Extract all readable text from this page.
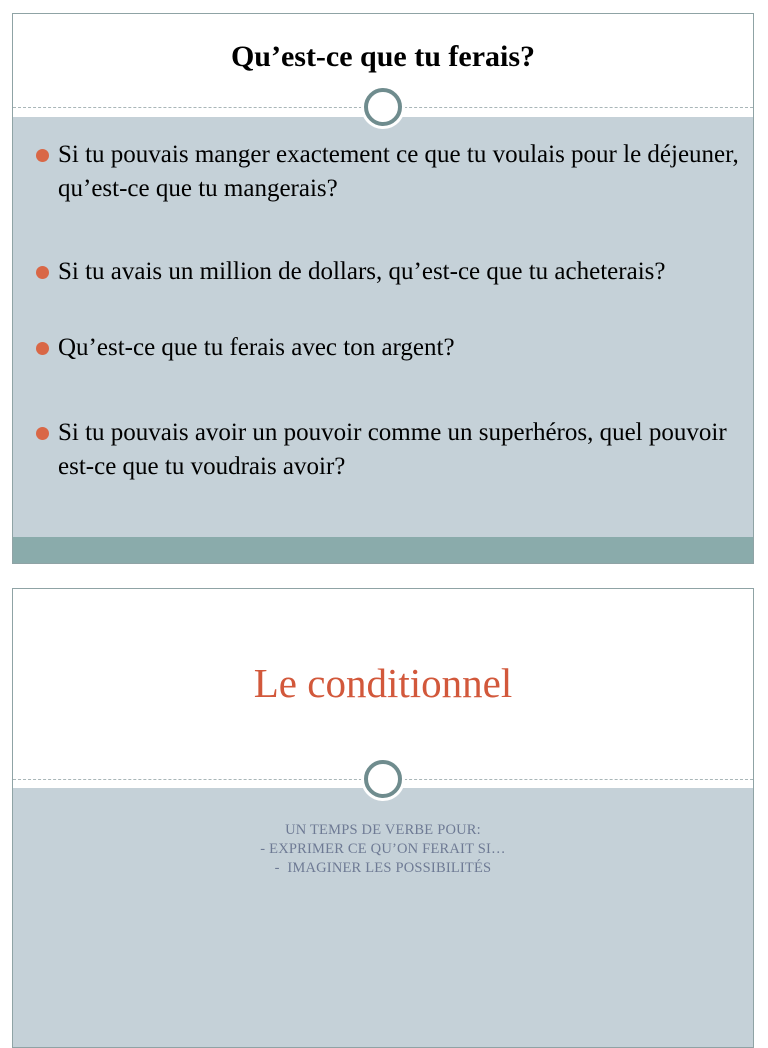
Qu’est-ce que tu ferais?
Si tu pouvais manger exactement ce que tu voulais pour le déjeuner, qu’est-ce que tu mangerais?
Si tu avais un million de dollars, qu’est-ce que tu acheterais?
Qu’est-ce que tu ferais avec ton argent?
Si tu pouvais avoir un pouvoir comme un superhéros, quel pouvoir est-ce que tu voudrais avoir?
Le conditionnel
UN TEMPS DE VERBE POUR:
- EXPRIMER CE QU’ON FERAIT SI…
-  IMAGINER LES POSSIBILITÉS
